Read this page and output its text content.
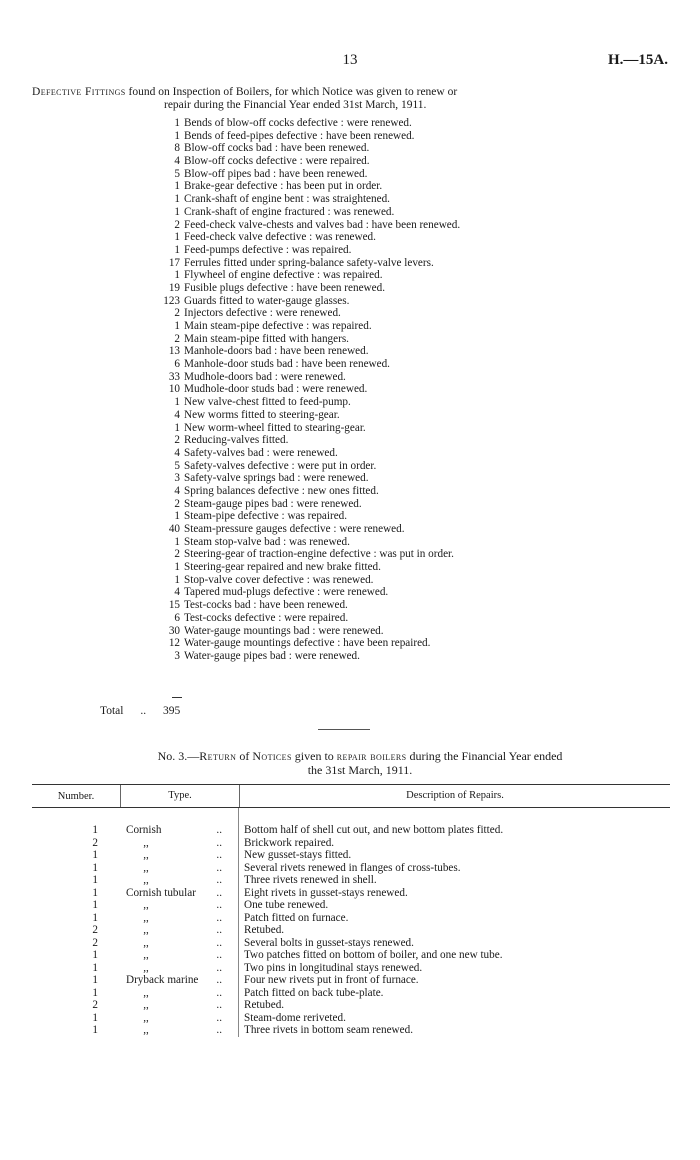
13	H.—15A.
Defective Fittings found on Inspection of Boilers, for which Notice was given to renew or
repair during the Financial Year ended 31st March, 1911.
1 Bends of blow-off cocks defective : were renewed.
1 Bends of feed-pipes defective : have been renewed.
8 Blow-off cocks bad : have been renewed.
4 Blow-off cocks defective : were repaired.
5 Blow-off pipes bad : have been renewed.
1 Brake-gear defective : has been put in order.
1 Crank-shaft of engine bent : was straightened.
1 Crank-shaft of engine fractured : was renewed.
2 Feed-check valve-chests and valves bad : have been renewed.
1 Feed-check valve defective : was renewed.
1 Feed-pumps defective : was repaired.
17 Ferrules fitted under spring-balance safety-valve levers.
1 Flywheel of engine defective : was repaired.
19 Fusible plugs defective : have been renewed.
123 Guards fitted to water-gauge glasses.
2 Injectors defective : were renewed.
1 Main steam-pipe defective : was repaired.
2 Main steam-pipe fitted with hangers.
13 Manhole-doors bad : have been renewed.
6 Manhole-door studs bad : have been renewed.
33 Mudhole-doors bad : were renewed.
10 Mudhole-door studs bad : were renewed.
1 New valve-chest fitted to feed-pump.
4 New worms fitted to steering-gear.
1 New worm-wheel fitted to stearing-gear.
2 Reducing-valves fitted.
4 Safety-valves bad : were renewed.
5 Safety-valves defective : were put in order.
3 Safety-valve springs bad : were renewed.
4 Spring balances defective : new ones fitted.
2 Steam-gauge pipes bad : were renewed.
1 Steam-pipe defective : was repaired.
40 Steam-pressure gauges defective : were renewed.
1 Steam stop-valve bad : was renewed.
2 Steering-gear of traction-engine defective : was put in order.
1 Steering-gear repaired and new brake fitted.
1 Stop-valve cover defective : was renewed.
4 Tapered mud-plugs defective : were renewed.
15 Test-cocks bad : have been renewed.
6 Test-cocks defective : were repaired.
30 Water-gauge mountings bad : were renewed.
12 Water-gauge mountings defective : have been repaired.
3 Water-gauge pipes bad : were renewed.
Total .. 395
No. 3.—Return of Notices given to repair boilers during the Financial Year ended
the 31st March, 1911.
Number.	Type.	Description of Repairs.
1	Cornish	..	Bottom half of shell cut out, and new bottom plates fitted.
2	,,	..	Brickwork repaired.
1	,,	..	New gusset-stays fitted.
1	,,	..	Several rivets renewed in flanges of cross-tubes.
1	,,	..	Three rivets renewed in shell.
1	Cornish tubular ..	Eight rivets in gusset-stays renewed.
1	,,	..	One tube renewed.
1	,,	..	Patch fitted on furnace.
2	,,	..	Retubed.
2	,,	..	Several bolts in gusset-stays renewed.
1	,,	..	Two patches fitted on bottom of boiler, and one new tube.
1	,,	..	Two pins in longitudinal stays renewed.
1	Dryback marine ..	Four new rivets put in front of furnace.
1	,,	..	Patch fitted on back tube-plate.
2	,,	..	Retubed.
1	,,	..	Steam-dome reriveted.
1	,,	..	Three rivets in bottom seam renewed.
